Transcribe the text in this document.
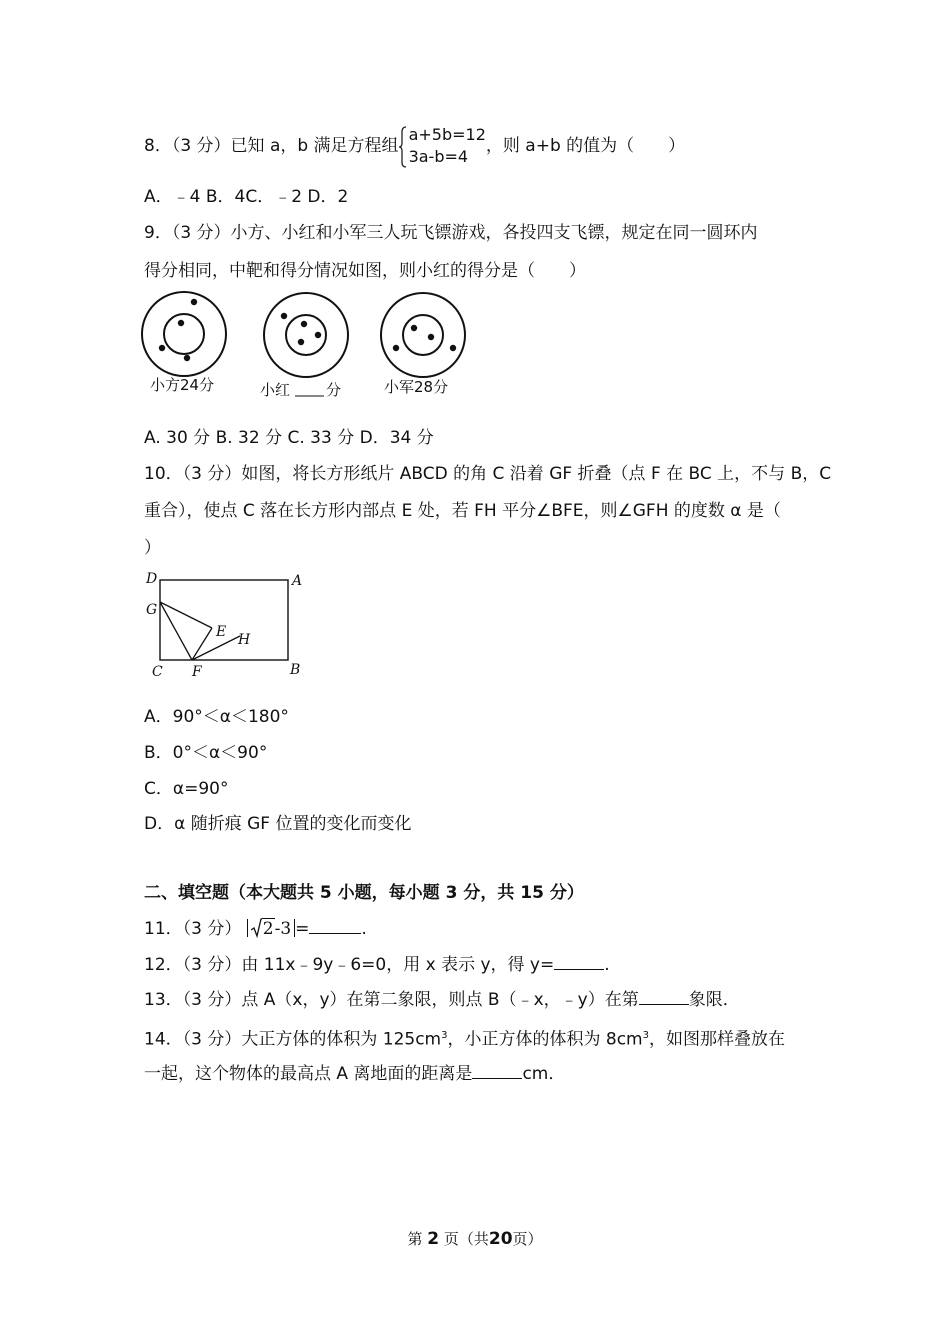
8．（3 分）已知 a，b 满足方程组
a+5b=12
3a-b=4
，则 a+b 的值为（　　）
A．﹣4 B．4C．﹣2 D．2
9．（3 分）小方、小红和小军三人玩飞镖游戏，各投四支飞镖，规定在同一圆环内
得分相同，中靶和得分情况如图，则小红的得分是（　　）
小方24分	小红 分	小军28分
A. 30 分 B. 32 分 C. 33 分 D．34 分
10．（3 分）如图，将长方形纸片 ABCD 的角 C 沿着 GF 折叠（点 F 在 BC 上，不与 B，C
重合），使点 C 落在长方形内部点 E 处，若 FH 平分∠BFE，则∠GFH 的度数 α 是（
）
D	A
G
E H
C F	B
A．90°＜α＜180°
B．0°＜α＜90°
C．α=90°
D．α 随折痕 GF 位置的变化而变化
二、填空题（本大题共 5 小题，每小题 3 分，共 15 分）
11．（3 分） 2-3 =	.
12．（3 分）由 11x﹣9y﹣6=0，用 x 表示 y，得 y=	.
13．（3 分）点 A（x，y）在第二象限，则点 B（﹣x，﹣y）在第	象限．
14．（3 分）大正方体的体积为 $125cm^3$，小正方体的体积为 $8cm^3$，如图那样叠放在
一起，这个物体的最高点 A 离地面的距离是	cm．
第 2 页（共20页）
